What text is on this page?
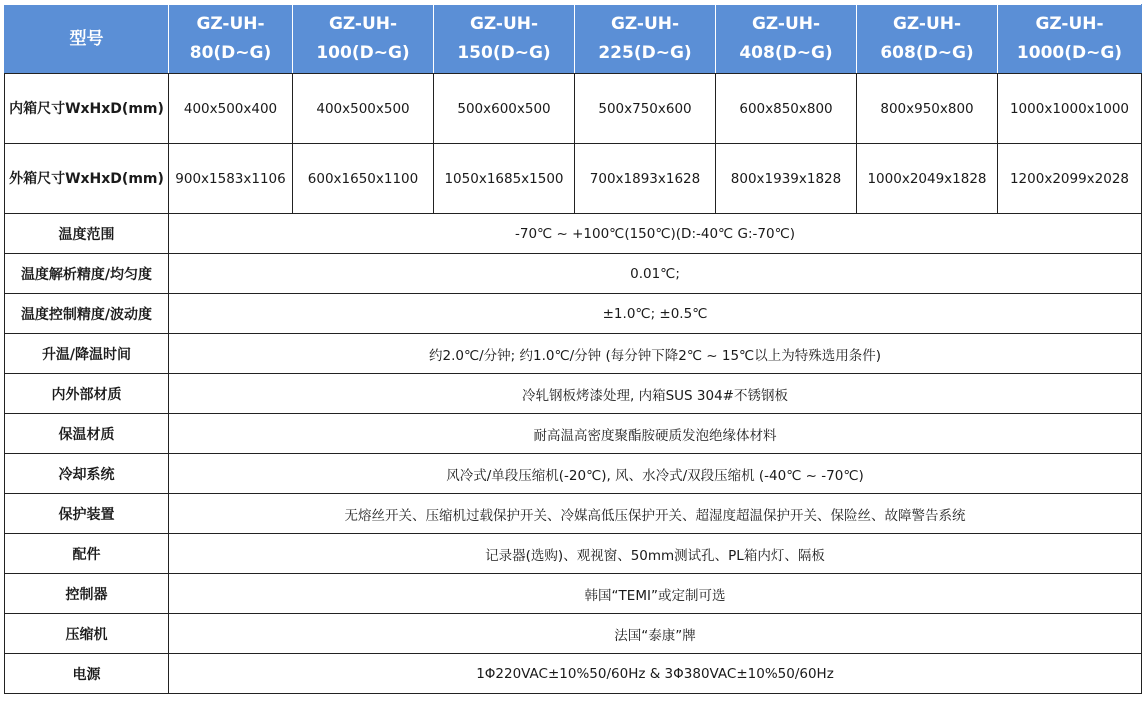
型号	GZ-UH-80(D~G)	GZ-UH-100(D~G)	GZ-UH-150(D~G)	GZ-UH-225(D~G)	GZ-UH-408(D~G)	GZ-UH-608(D~G)	GZ-UH-1000(D~G)
内箱尺寸WxHxD(mm)	400x500x400	400x500x500	500x600x500	500x750x600	600x850x800	800x950x800	1000x1000x1000
外箱尺寸WxHxD(mm)	900x1583x1106	600x1650x1100	1050x1685x1500	700x1893x1628	800x1939x1828	1000x2049x1828	1200x2099x2028
温度范围	-70℃ ~ +100℃(150℃)(D:-40℃ G:-70℃)						
温度解析精度/均匀度	0.01℃;						
温度控制精度/波动度	±1.0℃; ±0.5℃						
升温/降温时间	约2.0℃/分钟; 约1.0℃/分钟 (每分钟下降2℃ ~ 15℃以上为特殊选用条件)						
内外部材质	冷轧钢板烤漆处理, 内箱SUS 304#不锈钢板						
保温材质	耐高温高密度聚酯胺硬质发泡绝缘体材料						
冷却系统	风冷式/单段压缩机(-20℃), 风、水冷式/双段压缩机 (-40℃ ~ -70℃)						
保护装置	无熔丝开关、压缩机过载保护开关、冷媒高低压保护开关、超湿度超温保护开关、保险丝、故障警告系统						
配件	记录器(选购)、观视窗、50mm测试孔、PL箱内灯、隔板						
控制器	韩国“TEMI”或定制可选						
压缩机	法国“泰康”牌						
电源	1Φ220VAC±10%50/60Hz & 3Φ380VAC±10%50/60Hz						
